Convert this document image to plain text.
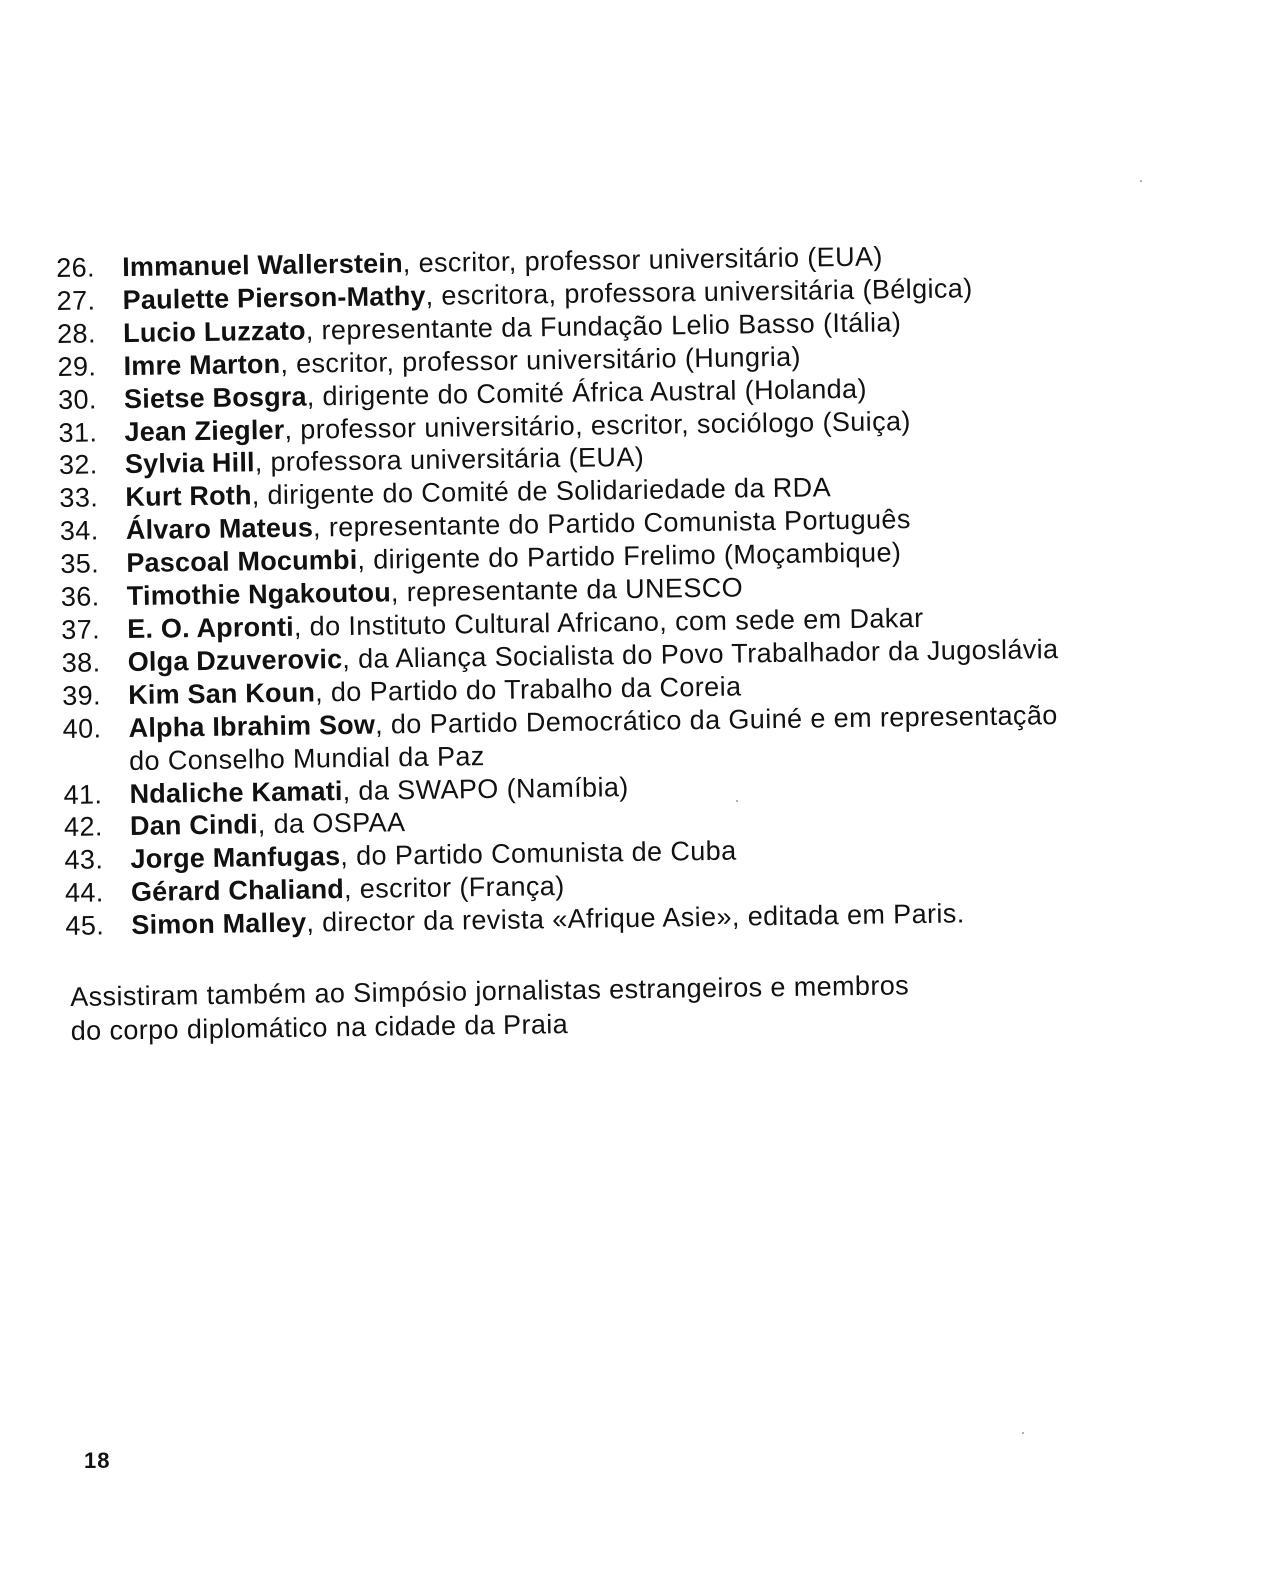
26. Immanuel Wallerstein, escritor, professor universitário (EUA)
27. Paulette Pierson-Mathy, escritora, professora universitária (Bélgica)
28. Lucio Luzzato, representante da Fundação Lelio Basso (Itália)
29. Imre Marton, escritor, professor universitário (Hungria)
30. Sietse Bosgra, dirigente do Comité África Austral (Holanda)
31. Jean Ziegler, professor universitário, escritor, sociólogo (Suiça)
32. Sylvia Hill, professora universitária (EUA)
33. Kurt Roth, dirigente do Comité de Solidariedade da RDA
34. Álvaro Mateus, representante do Partido Comunista Português
35. Pascoal Mocumbi, dirigente do Partido Frelimo (Moçambique)
36. Timothie Ngakoutou, representante da UNESCO
37. E. O. Apronti, do Instituto Cultural Africano, com sede em Dakar
38. Olga Dzuverovic, da Aliança Socialista do Povo Trabalhador da Jugoslávia
39. Kim San Koun, do Partido do Trabalho da Coreia
40. Alpha Ibrahim Sow, do Partido Democrático da Guiné e em representação
do Conselho Mundial da Paz
41. Ndaliche Kamati, da SWAPO (Namíbia)
42. Dan Cindi, da OSPAA
43. Jorge Manfugas, do Partido Comunista de Cuba
44. Gérard Chaliand, escritor (França)
45. Simon Malley, director da revista «Afrique Asie», editada em Paris.

Assistiram também ao Simpósio jornalistas estrangeiros e membros
do corpo diplomático na cidade da Praia

18
